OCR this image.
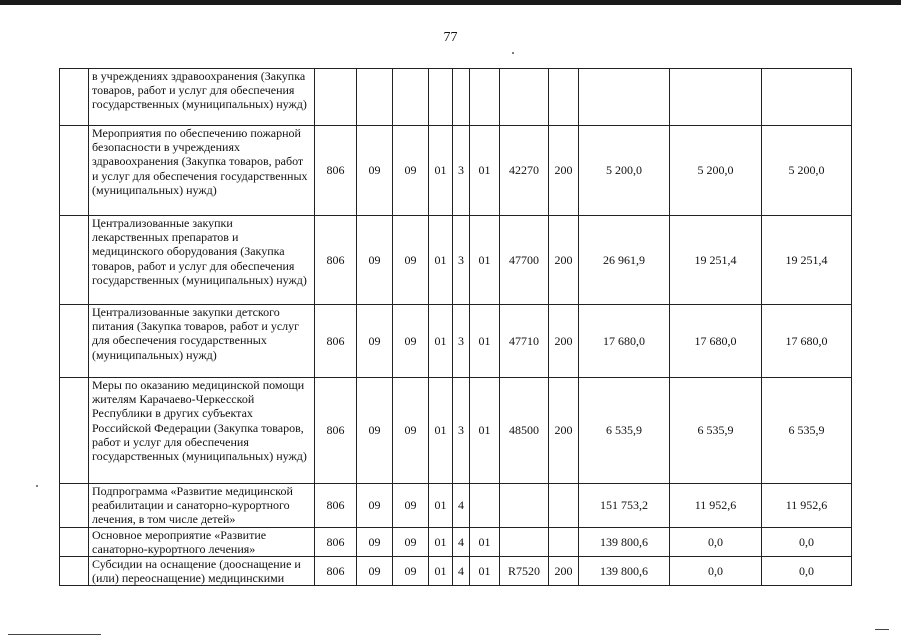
77
	в учреждениях здравоохранения (Закупка товаров, работ и услуг для обеспечения государственных (муниципальных) нужд)											
	Мероприятия по обеспечению пожарной безопасности в учреждениях здравоохранения (Закупка товаров, работ и услуг для обеспечения государственных (муниципальных) нужд)	806	09	09	01	3	01	42270	200	5 200,0	5 200,0	5 200,0
	Централизованные закупки лекарственных препаратов и медицинского оборудования (Закупка товаров, работ и услуг для обеспечения государственных (муниципальных) нужд)	806	09	09	01	3	01	47700	200	26 961,9	19 251,4	19 251,4
	Централизованные закупки детского питания (Закупка товаров, работ и услуг для обеспечения государственных (муниципальных) нужд)	806	09	09	01	3	01	47710	200	17 680,0	17 680,0	17 680,0
	Меры по оказанию медицинской помощи жителям Карачаево-Черкесской Республики в других субъектах Российской Федерации (Закупка товаров, работ и услуг для обеспечения государственных (муниципальных) нужд)	806	09	09	01	3	01	48500	200	6 535,9	6 535,9	6 535,9
	Подпрограмма «Развитие медицинской реабилитации и санаторно-курортного лечения, в том числе детей»	806	09	09	01	4				151 753,2	11 952,6	11 952,6
	Основное мероприятие «Развитие санаторно-курортного лечения»	806	09	09	01	4	01			139 800,6	0,0	0,0
	Субсидии на оснащение (дооснащение и (или) переоснащение) медицинскими	806	09	09	01	4	01	R7520	200	139 800,6	0,0	0,0
